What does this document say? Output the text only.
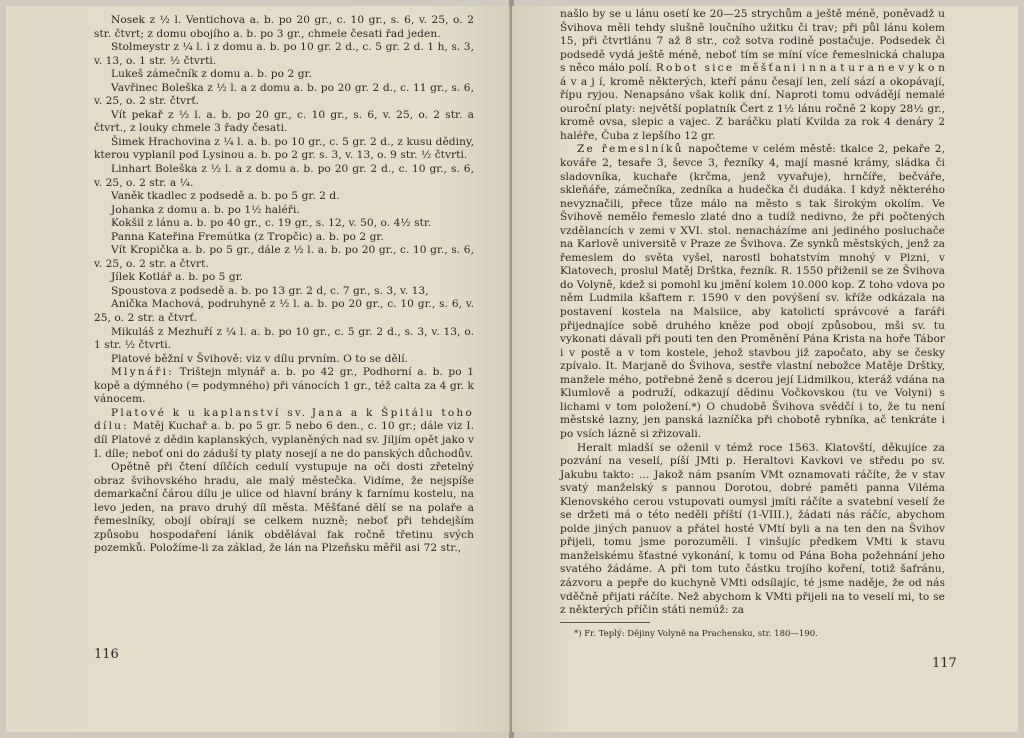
Nosek z ½ l. Ventichova a. b. po 20 gr., c. 10 gr., s. 6, v. 25, o. 2 str. čtvrt; z domu obojího a. b. po 3 gr., chmele česati řad jeden.

Stolmeystr z ¼ l. i z domu a. b. po 10 gr. 2 d., c. 5 gr. 2 d. 1 h, s. 3, v. 13, o. 1 str. ½ čtvrti.

Lukeš zámečník z domu a. b. po 2 gr.

Vavřinec Boleška z ½ l. a z domu a. b. po 20 gr. 2 d., c. 11 gr., s. 6, v. 25, o. 2 str. čtvrť.

Vít pekař z ½ l. a. b. po 20 gr., c. 10 gr., s. 6, v. 25, o. 2 str. a čtvrt., z louky chmele 3 řady česati.

Šimek Hrachovina z ¼ l. a. b. po 10 gr., c. 5 gr. 2 d., z kusu dědiny, kterou vyplanil pod Lysinou a. b. po 2 gr. s. 3, v. 13, o. 9 str. ½ čtvrti.

Linhart Boleška z ½ l. a z domu a. b. po 20 gr. 2 d., c. 10 gr., s. 6, v. 25, o. 2 str. a ¼.

Vaněk tkadlec z podsedě a. b. po 5 gr. 2 d.

Johanka z domu a. b. po 1½ haléři.

Kokšil z lánu a. b. po 40 gr., c. 19 gr., s. 12, v. 50, o. 4½ str.

Panna Kateřina Fremútka (z Tropčic) a. b. po 2 gr.

Vít Kropička a. b. po 5 gr., dále z ½ l. a. b. po 20 gr., c. 10 gr., s. 6, v. 25, o. 2 str. a čtvrt.

Jílek Kotlář a. b. po 5 gr.

Spoustova z podsedě a. b. po 13 gr. 2 d, c. 7 gr., s. 3, v. 13,

Anička Machová, podruhyně z ½ l. a. b. po 20 gr., c. 10 gr., s. 6, v. 25, o. 2 str. a čtvrť.

Mikuláš z Mezhuří z ¼ l. a. b. po 10 gr., c. 5 gr. 2 d., s. 3, v. 13, o. 1 str. ½ čtvrti.

Platové běžní v Švihově: viz v dílu prvním. O to se dělí.

Mlynáři: Trištejn mlynář a. b. po 42 gr., Podhorní a. b. po 1 kopě a dýmného (= podymného) při vánocích 1 gr., též calta za 4 gr. k vánocem.

Platové k u kaplanství sv. Jana a k Špitálu toho dílu: Matěj Kuchař a. b. po 5 gr. 5 nebo 6 den., c. 10 gr.; dále viz I. díl Platové z dědin kaplanských, vyplaněných nad sv. Jiljím opět jako v I. díle; neboť oni do záduší ty platy nosejí a ne do panských důchodův.

Opětně při čtení dílčích cedulí vystupuje na oči dosti zřetelný obraz švihovského hradu, ale malý městečka. Vidíme, že nejspíše demarkační čárou dílu je ulice od hlavní brány k farnímu kostelu, na levo jeden, na pravo druhý díl města. Měšťané dělí se na polaře a řemeslníky, obojí obírají se celkem nuzně; neboť při tehdejším způsobu hospodaření lánik obdělával fak ročně třetinu svých pozemků. Položíme-li za základ, že lán na Plzeňsku měřil asi 72 str.,

116

našlo by se u lánu osetí ke 20—25 strychům a ještě méně, poněvadž u Švihova měli tehdy slušně loučního užitku či trav; při půl lánu kolem 15, při čtvrtlánu 7 až 8 str., což sotva rodině postačuje. Podsedek či podsedě vydá ještě méně, neboť tím se míní více řemeslnická chalupa s něco málo polí. Robot sice měšťani i n n a t u r a n e v y k o n á v a j í, kromě některých, kteří pánu česají len, zelí sází a okopávají, řípu ryjou. Nenapsáno však kolik dní. Naproti tomu odvádějí nemalé ouroční platy: největší poplatník Čert z 1½ lánu ročně 2 kopy 28½ gr., kromě ovsa, slepic a vajec. Z baráčku platí Kvilda za rok 4 denáry 2 haléře, Čuba z lepšího 12 gr.

Ze řemeslníků napočteme v celém městě: tkalce 2, pekaře 2, kováře 2, tesaře 3, ševce 3, řezníky 4, mají masné krámy, sládka či sladovníka, kuchaře (krčma, jenž vyvařuje), hrnčíře, bečváře, skleňáře, zámečníka, zedníka a hudečka či dudáka. I když některého nevyznačili, přece tůze málo na město s tak širokým okolím. Ve Švihově nemělo řemeslo zlaté dno a tudíž nedivno, že při počtených vzdělancích v zemi v XVI. stol. nenacházíme ani jediného posluchače na Karlově universitě v Praze ze Švihova. Ze synků městských, jenž za řemeslem do světa vyšel, narostl bohatstvím mnohý v Plzni, v Klatovech, proslul Matěj Drštka, řezník. R. 1550 přiženil se ze Švihova do Volyně, kdež si pomohl ku jmění kolem 10.000 kop. Z toho vdova po něm Ludmila kšaftem r. 1590 v den povýšení sv. kříže odkázala na postavení kostela na Malsiice, aby katolictí správcové a faráři přijednajíce sobě druhého kněze pod obojí způsobou, mši sv. tu vykonati dávali při pouti ten den Proměnění Pána Krista na hoře Tábor i v postě a v tom kostele, jehož stavbou již započato, aby se česky zpívalo. It. Marjaně do Švihova, sestře vlastní nebožce Matěje Drštky, manžele mého, potřebné ženě s dcerou její Lidmilkou, kteráž vdána na Klumlově a podruží, odkazují dědinu Vočkovskou (tu ve Volyni) s lichami v tom položení.*) O chudobě Švihova svědčí i to, že tu není městské lazny, jen panská lazníčka při chobotě rybníka, ač tenkráte i po vsích lázně si zřizovali.

Heralt mladší se oženil v témž roce 1563. Klatovští, děkujíce za pozvání na veselí, píší JMti p. Heraltovi Kavkovi ve středu po sv. Jakubu takto: ... Jakož nám psaním VMt oznamovati ráčíte, že v stav svatý manželský s pannou Dorotou, dobré paměti panna Viléma Klenovského cerou vstupovati oumysl jmíti ráčíte a svatební veselí že se držeti má o této neděli příští (1-VIII.), žádati nás ráčíc, abychom polde jiných panuov a přátel hosté VMtí byli a na ten den na Švihov přijeli, tomu jsme porozuměli. I vinšujíc předkem VMti k stavu manželskému šťastné vykonání, k tomu od Pána Boha požehnání jeho svatého žádáme. A při tom tuto částku trojího koření, totiž šafránu, zázvoru a pepře do kuchyně VMti odsílajíc, té jsme naděje, že od nás vděčně přijati ráčíte. Než abychom k VMti přijeli na to veselí mi, to se z některých příčin státi nemúž: za

*) Fr. Teplý: Dějiny Volyně na Prachensku, str. 180—190.
117
